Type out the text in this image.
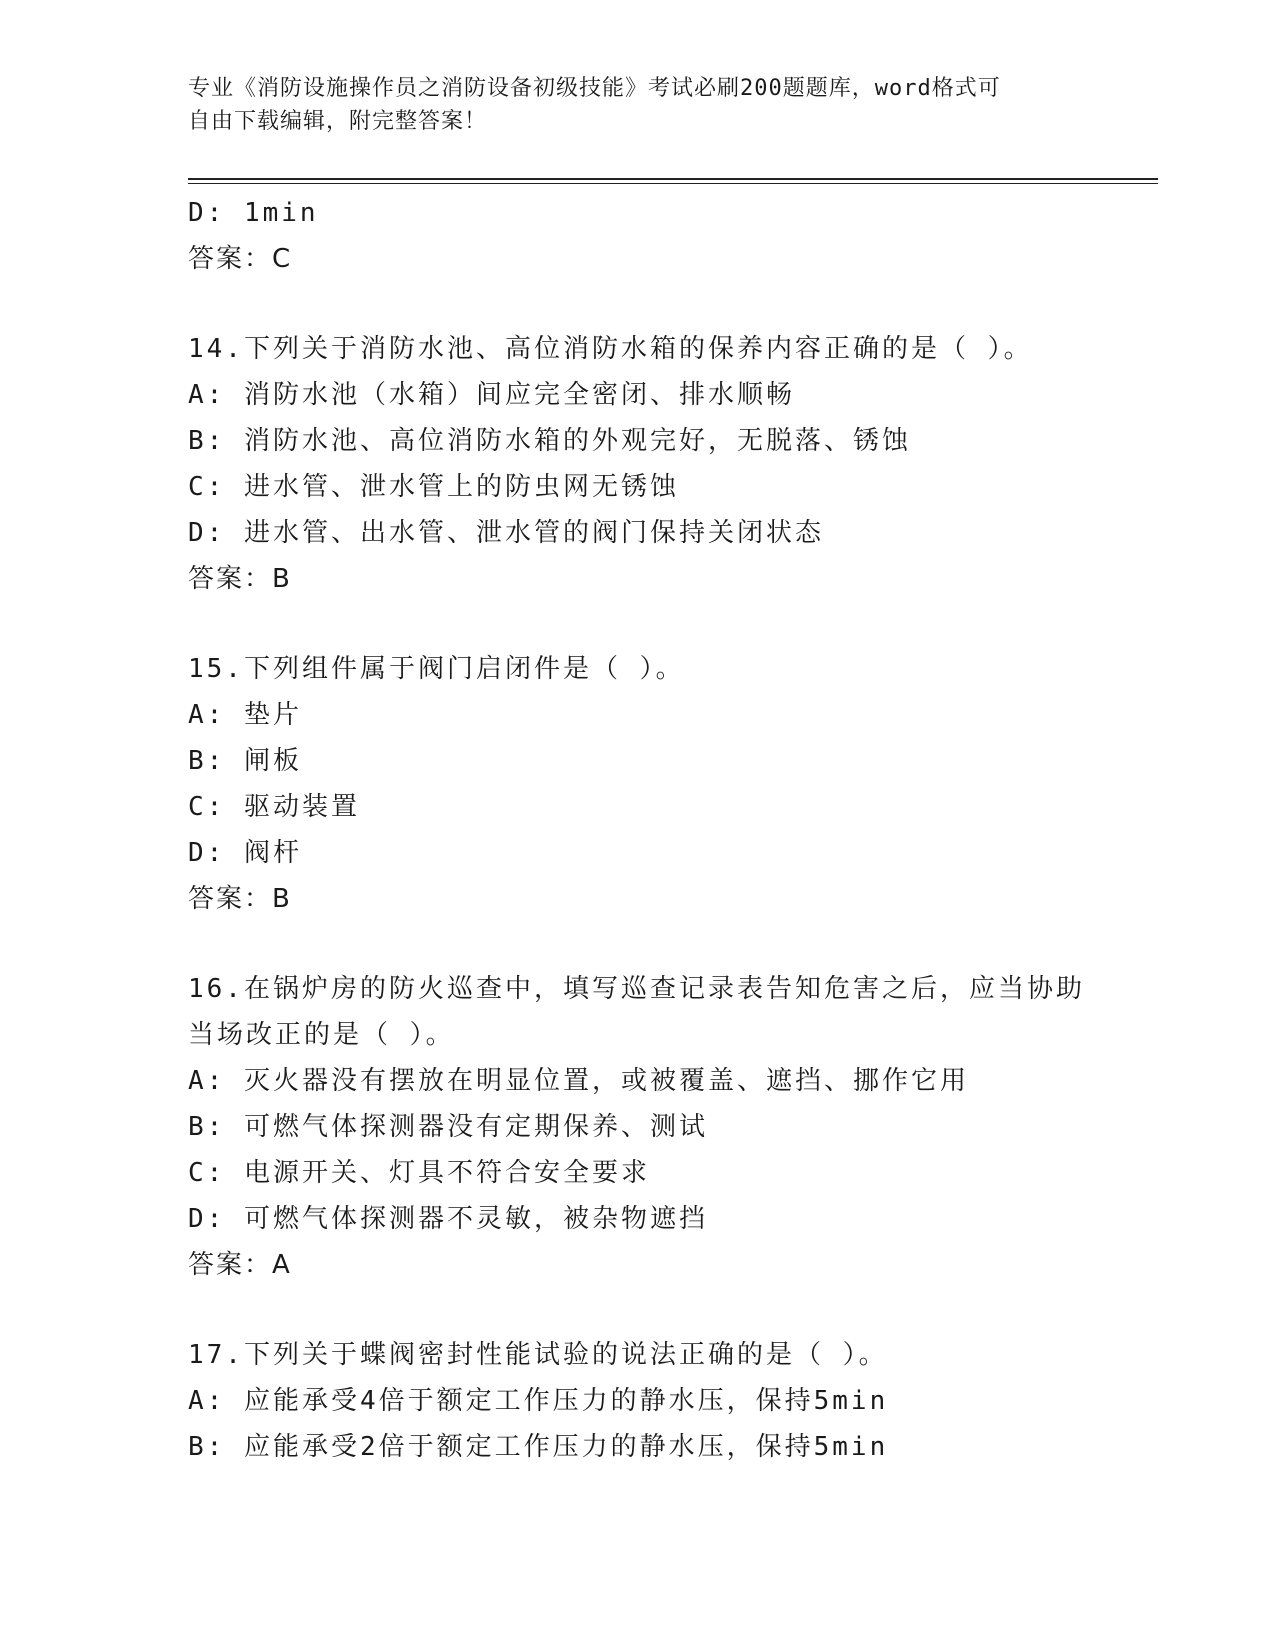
专业《消防设施操作员之消防设备初级技能》考试必刷200题题库，word格式可
自由下载编辑，附完整答案！
D: 1min
答案：C
14.下列关于消防水池、高位消防水箱的保养内容正确的是（ ）。
A: 消防水池（水箱）间应完全密闭、排水顺畅
B: 消防水池、高位消防水箱的外观完好，无脱落、锈蚀
C: 进水管、泄水管上的防虫网无锈蚀
D: 进水管、出水管、泄水管的阀门保持关闭状态
答案：B
15.下列组件属于阀门启闭件是（ ）。
A: 垫片
B: 闸板
C: 驱动装置
D: 阀杆
答案：B
16.在锅炉房的防火巡查中，填写巡查记录表告知危害之后，应当协助
当场改正的是（ ）。
A: 灭火器没有摆放在明显位置，或被覆盖、遮挡、挪作它用
B: 可燃气体探测器没有定期保养、测试
C: 电源开关、灯具不符合安全要求
D: 可燃气体探测器不灵敏，被杂物遮挡
答案：A
17.下列关于蝶阀密封性能试验的说法正确的是（ ）。
A: 应能承受4倍于额定工作压力的静水压，保持5min
B: 应能承受2倍于额定工作压力的静水压，保持5min
